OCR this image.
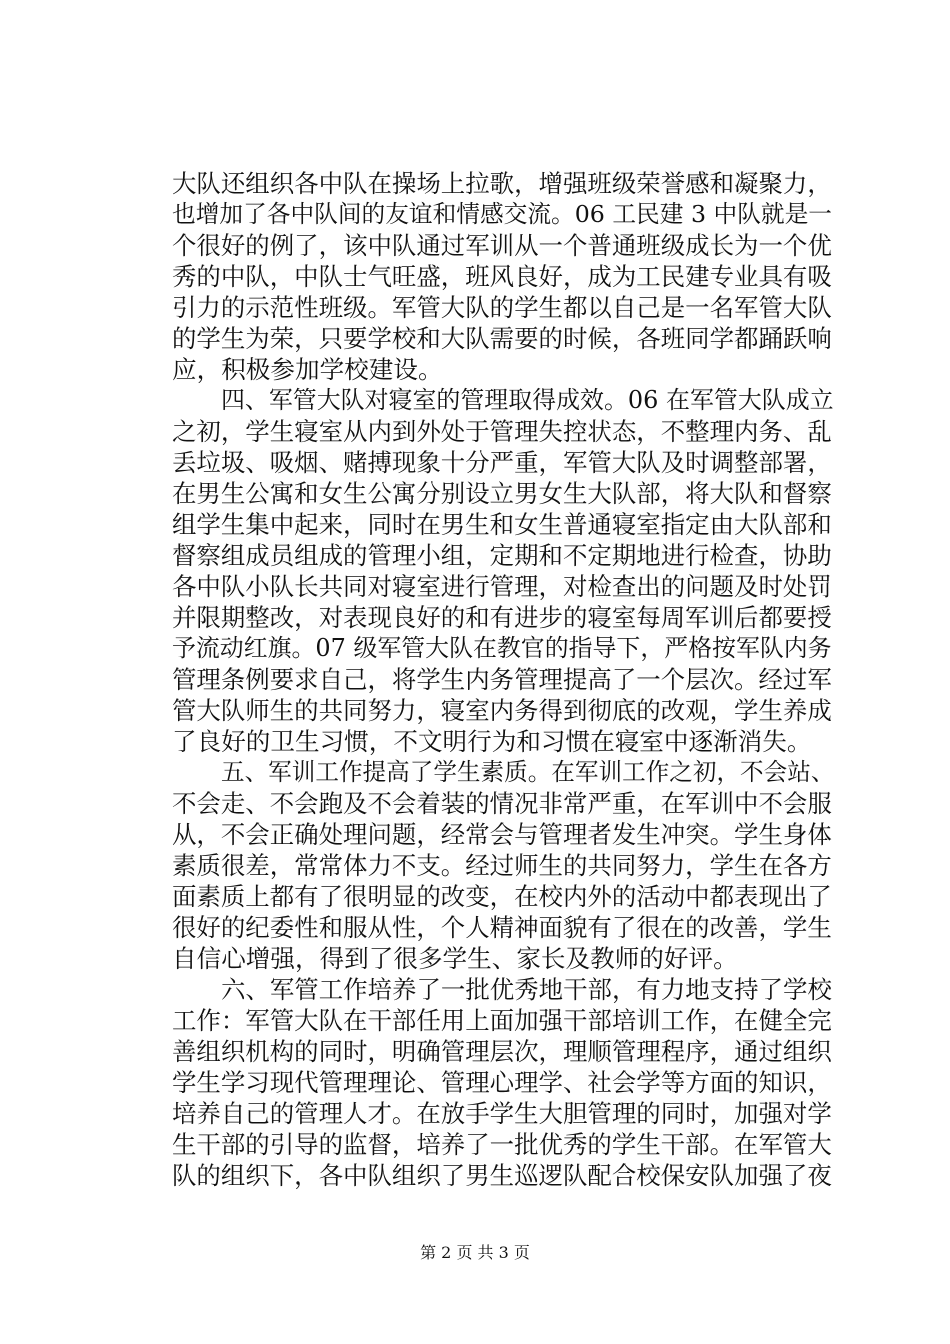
大队还组织各中队在操场上拉歌，增强班级荣誉感和凝聚力，
也增加了各中队间的友谊和情感交流。06 工民建 3 中队就是一
个很好的例了，该中队通过军训从一个普通班级成长为一个优
秀的中队，中队士气旺盛，班风良好，成为工民建专业具有吸
引力的示范性班级。军管大队的学生都以自己是一名军管大队
的学生为荣，只要学校和大队需要的时候，各班同学都踊跃响
应，积极参加学校建设。
四、军管大队对寝室的管理取得成效。06 在军管大队成立
之初，学生寝室从内到外处于管理失控状态，不整理内务、乱
丢垃圾、吸烟、赌搏现象十分严重，军管大队及时调整部署，
在男生公寓和女生公寓分别设立男女生大队部，将大队和督察
组学生集中起来，同时在男生和女生普通寝室指定由大队部和
督察组成员组成的管理小组，定期和不定期地进行检查，协助
各中队小队长共同对寝室进行管理，对检查出的问题及时处罚
并限期整改，对表现良好的和有进步的寝室每周军训后都要授
予流动红旗。07 级军管大队在教官的指导下，严格按军队内务
管理条例要求自己，将学生内务管理提高了一个层次。经过军
管大队师生的共同努力，寝室内务得到彻底的改观，学生养成
了良好的卫生习惯，不文明行为和习惯在寝室中逐渐消失。
五、军训工作提高了学生素质。在军训工作之初，不会站、
不会走、不会跑及不会着装的情况非常严重，在军训中不会服
从，不会正确处理问题，经常会与管理者发生冲突。学生身体
素质很差，常常体力不支。经过师生的共同努力，学生在各方
面素质上都有了很明显的改变，在校内外的活动中都表现出了
很好的纪委性和服从性，个人精神面貌有了很在的改善，学生
自信心增强，得到了很多学生、家长及教师的好评。
六、军管工作培养了一批优秀地干部，有力地支持了学校
工作：军管大队在干部任用上面加强干部培训工作，在健全完
善组织机构的同时，明确管理层次，理顺管理程序，通过组织
学生学习现代管理理论、管理心理学、社会学等方面的知识，
培养自己的管理人才。在放手学生大胆管理的同时，加强对学
生干部的引导的监督，培养了一批优秀的学生干部。在军管大
队的组织下，各中队组织了男生巡逻队配合校保安队加强了夜
第 2 页 共 3 页
